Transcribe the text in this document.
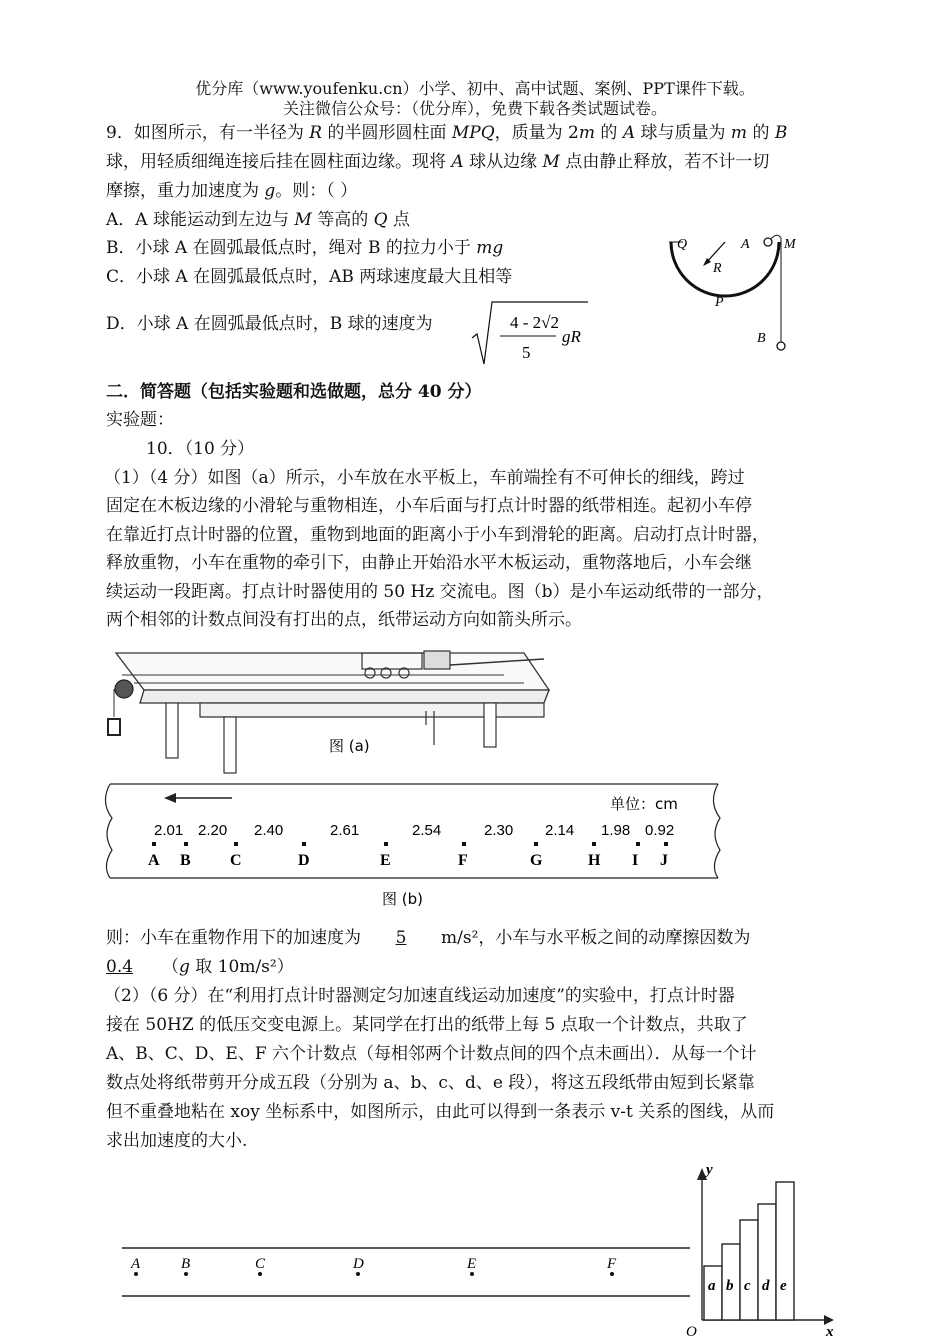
优分库（www.youfenku.cn）小学、初中、高中试题、案例、PPT课件下载。
关注微信公众号：（优分库），免费下载各类试题试卷。
9．如图所示，有一半径为 R 的半圆形圆柱面 MPQ，质量为 2m 的 A 球与质量为 m 的 B
球，用轻质细绳连接后挂在圆柱面边缘。现将 A 球从边缘 M 点由静止释放，若不计一切
摩擦，重力加速度为 g。则：（ ）
A．A 球能运动到左边与 M 等高的 Q 点
B．小球 A 在圆弧最低点时，绳对 B 的拉力小于 mg
C．小球 A 在圆弧最低点时，AB 两球速度最大且相等
D．小球 A 在圆弧最低点时，B 球的速度为	4 - 2√2
5
gR
Q	A M
R
P
B
二．简答题（包括实验题和选做题，总分 40 分）
实验题：
10．（10 分）
（1）（4 分）如图（a）所示，小车放在水平板上，车前端拴有不可伸长的细线，跨过
固定在木板边缘的小滑轮与重物相连，小车后面与打点计时器的纸带相连。起初小车停
在靠近打点计时器的位置，重物到地面的距离小于小车到滑轮的距离。启动打点计时器，
释放重物，小车在重物的牵引下，由静止开始沿水平木板运动，重物落地后，小车会继
续运动一段距离。打点计时器使用的 50 Hz 交流电。图（b）是小车运动纸带的一部分，
两个相邻的计数点间没有打出的点，纸带运动方向如箭头所示。
图 (a)
单位：cm
2.01 2.20 2.40	2.61	2.54	2.30 2.14 1.98 0.92
A B C	D	E	F	G	H I J
图 (b)
则：小车在重物作用下的加速度为 5 m/s²，小车与水平板之间的动摩擦因数为
0.4 （g 取 10m/s²）
（2）（6 分）在“利用打点计时器测定匀加速直线运动加速度”的实验中，打点计时器
接在 50HZ 的低压交变电源上。某同学在打出的纸带上每 5 点取一个计数点，共取了
A、B、C、D、E、F 六个计数点（每相邻两个计数点间的四个点未画出）．从每一个计
数点处将纸带剪开分成五段（分别为 a、b、c、d、e 段），将这五段纸带由短到长紧靠
但不重叠地粘在 xoy 坐标系中，如图所示，由此可以得到一条表示 v-t 关系的图线，从而
求出加速度的大小.
A	B	C	D	E	F
y
x
O
a b c d e
